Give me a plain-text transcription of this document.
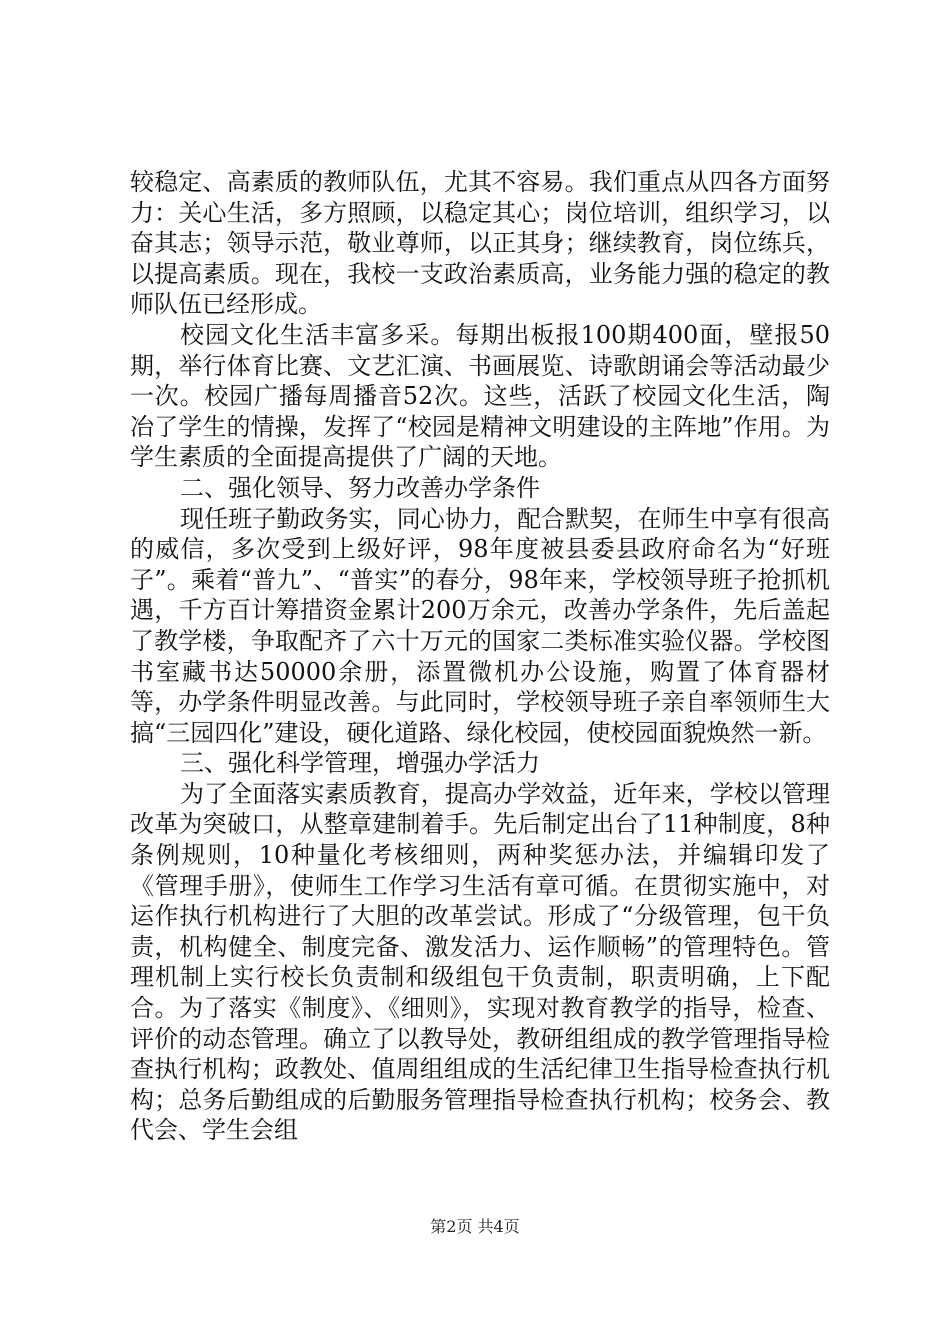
较稳定、高素质的教师队伍，尤其不容易。我们重点从四各方面努力：关心生活，多方照顾，以稳定其心；岗位培训，组织学习，以奋其志；领导示范，敬业尊师，以正其身；继续教育，岗位练兵，以提高素质。现在，我校一支政治素质高，业务能力强的稳定的教师队伍已经形成。

校园文化生活丰富多采。每期出板报100期400面，壁报50期，举行体育比赛、文艺汇演、书画展览、诗歌朗诵会等活动最少一次。校园广播每周播音52次。这些，活跃了校园文化生活，陶冶了学生的情操，发挥了“校园是精神文明建设的主阵地”作用。为学生素质的全面提高提供了广阔的天地。

二、强化领导、努力改善办学条件

现任班子勤政务实，同心协力，配合默契，在师生中享有很高的威信，多次受到上级好评，98年度被县委县政府命名为“好班子”。乘着“普九”、“普实”的春分，98年来，学校领导班子抢抓机遇，千方百计筹措资金累计200万余元，改善办学条件，先后盖起了教学楼，争取配齐了六十万元的国家二类标准实验仪器。学校图书室藏书达50000余册，添置微机办公设施，购置了体育器材等，办学条件明显改善。与此同时，学校领导班子亲自率领师生大搞“三园四化”建设，硬化道路、绿化校园，使校园面貌焕然一新。

三、强化科学管理，增强办学活力

为了全面落实素质教育，提高办学效益，近年来，学校以管理改革为突破口，从整章建制着手。先后制定出台了11种制度，8种条例规则，10种量化考核细则，两种奖惩办法，并编辑印发了《管理手册》，使师生工作学习生活有章可循。在贯彻实施中，对运作执行机构进行了大胆的改革尝试。形成了“分级管理，包干负责，机构健全、制度完备、激发活力、运作顺畅”的管理特色。管理机制上实行校长负责制和级组包干负责制，职责明确，上下配合。为了落实《制度》、《细则》，实现对教育教学的指导，检查、评价的动态管理。确立了以教导处，教研组组成的教学管理指导检查执行机构；政教处、值周组组成的生活纪律卫生指导检查执行机构；总务后勤组成的后勤服务管理指导检查执行机构；校务会、教代会、学生会组

第2页 共4页
